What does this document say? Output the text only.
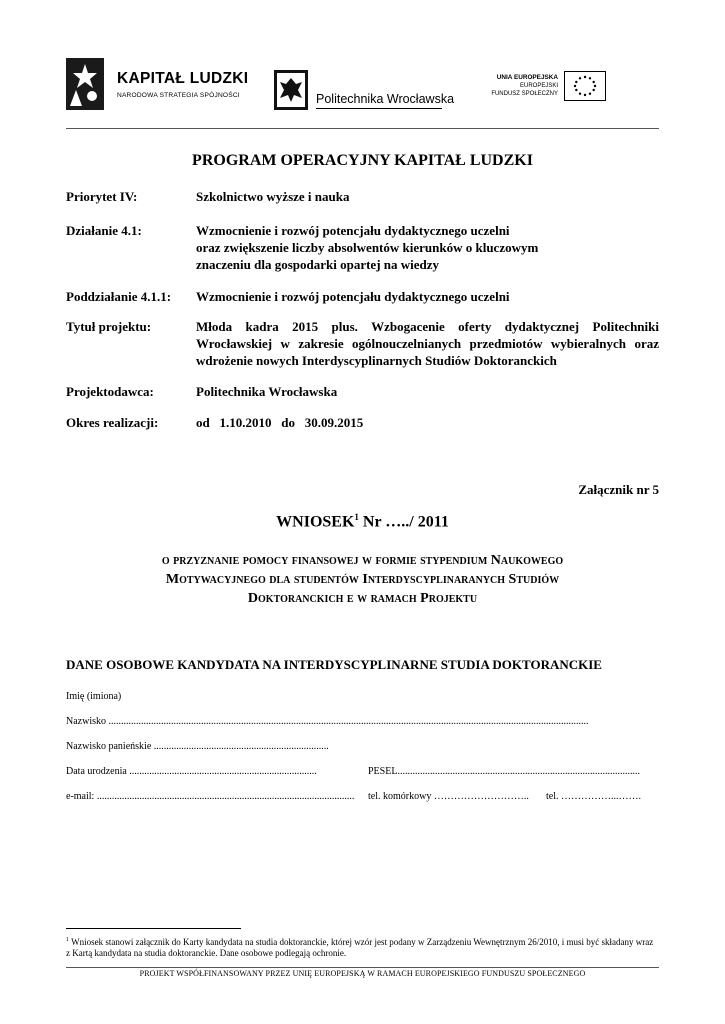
KAPITAŁ LUDZKI
NARODOWA STRATEGIA SPÓJNOŚCI	Politechnika Wrocławska
UNIA EUROPEJSKA
EUROPEJSKI
FUNDUSZ SPOŁECZNY
PROGRAM OPERACYJNY KAPITAŁ LUDZKI
Priorytet IV:	Szkolnictwo wyższe i nauka
Działanie 4.1:	Wzmocnienie i rozwój potencjału dydaktycznego uczelni
oraz zwiększenie liczby absolwentów kierunków o kluczowym
znaczeniu dla gospodarki opartej na wiedzy
Poddziałanie 4.1.1: Wzmocnienie i rozwój potencjału dydaktycznego uczelni
Tytuł projektu:	Młoda kadra 2015 plus. Wzbogacenie oferty dydaktycznej Politechniki Wrocławskiej w zakresie ogólnouczelnianych przedmiotów wybieralnych oraz wdrożenie nowych Interdyscyplinarnych Studiów Doktoranckich
Projektodawca:	Politechnika Wrocławska
Okres realizacji:	od   1.10.2010   do   30.09.2015
Załącznik nr 5
WNIOSEK$^1$ Nr …../ 2011
o przyznanie pomocy finansowej w formie stypendium Naukowego
Motywacyjnego dla studentów Interdyscyplinaranych Studiów
Doktoranckich e w ramach Projektu
DANE OSOBOWE KANDYDATA NA INTERDYSCYPLINARNE STUDIA DOKTORANCKIE
Imię (imiona)
Nazwisko ................................................................................................................................................................................................
Nazwisko panieńskie ......................................................................
Data urodzenia ...........................................................................	PESEL.................................................................................................
e-mail: ....................................................................................................... tel. komórkowy ……………………….. tel. ……………...…….
$^1$ Wniosek stanowi załącznik do Karty kandydata na studia doktoranckie, której wzór jest podany w Zarządzeniu Wewnętrznym 26/2010, i musi być składany wraz z Kartą kandydata na studia doktoranckie. Dane osobowe podlegają ochronie.
PROJEKT WSPÓŁFINANSOWANY PRZEZ UNIĘ EUROPEJSKĄ W RAMACH EUROPEJSKIEGO FUNDUSZU SPOŁECZNEGO
